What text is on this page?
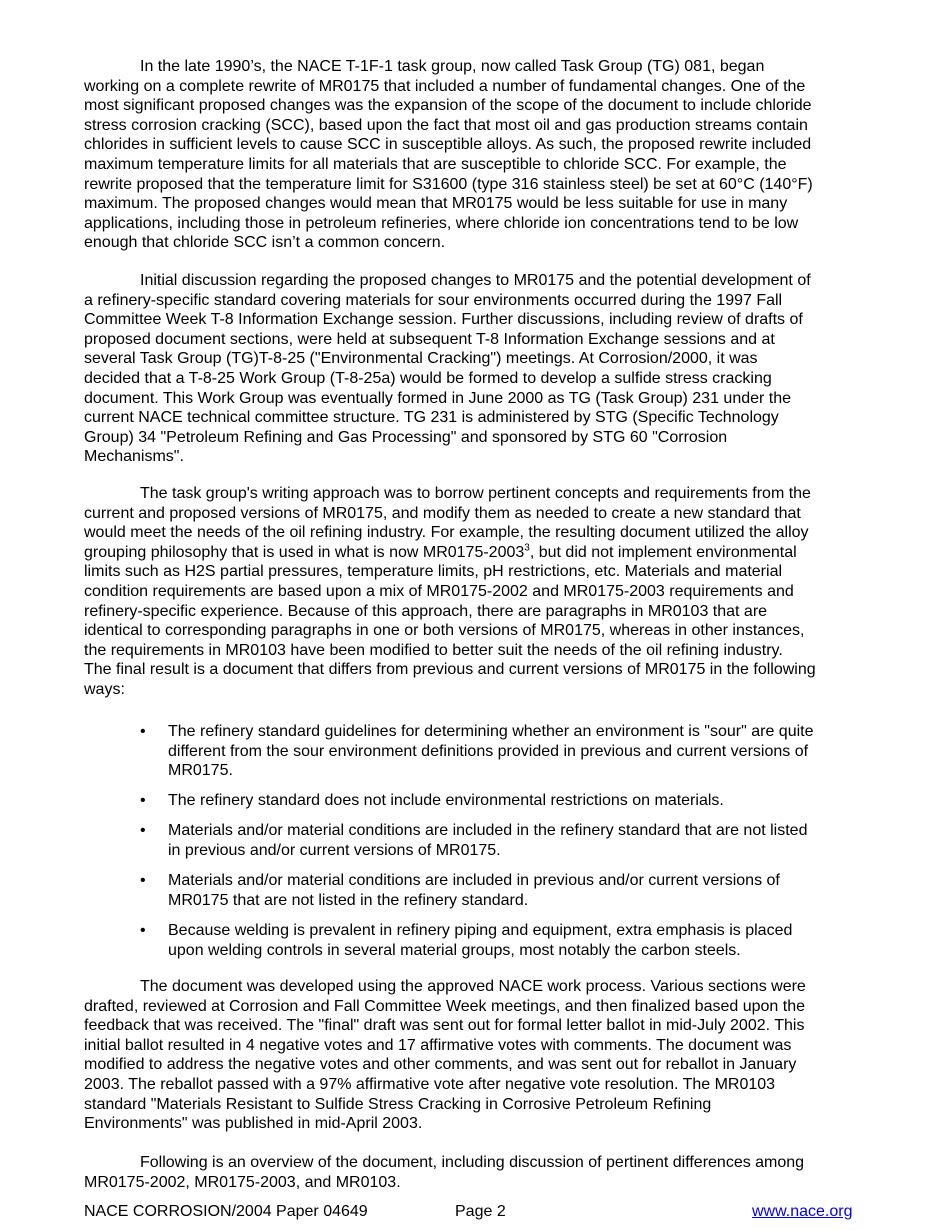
In the late 1990’s, the NACE T-1F-1 task group, now called Task Group (TG) 081, began
working on a complete rewrite of MR0175 that included a number of fundamental changes. One of the
most significant proposed changes was the expansion of the scope of the document to include chloride
stress corrosion cracking (SCC), based upon the fact that most oil and gas production streams contain
chlorides in sufficient levels to cause SCC in susceptible alloys. As such, the proposed rewrite included
maximum temperature limits for all materials that are susceptible to chloride SCC. For example, the
rewrite proposed that the temperature limit for S31600 (type 316 stainless steel) be set at 60°C (140°F)
maximum. The proposed changes would mean that MR0175 would be less suitable for use in many
applications, including those in petroleum refineries, where chloride ion concentrations tend to be low
enough that chloride SCC isn’t a common concern.
Initial discussion regarding the proposed changes to MR0175 and the potential development of
a refinery-specific standard covering materials for sour environments occurred during the 1997 Fall
Committee Week T-8 Information Exchange session. Further discussions, including review of drafts of
proposed document sections, were held at subsequent T-8 Information Exchange sessions and at
several Task Group (TG)T-8-25 ("Environmental Cracking") meetings. At Corrosion/2000, it was
decided that a T-8-25 Work Group (T-8-25a) would be formed to develop a sulfide stress cracking
document. This Work Group was eventually formed in June 2000 as TG (Task Group) 231 under the
current NACE technical committee structure. TG 231 is administered by STG (Specific Technology
Group) 34 "Petroleum Refining and Gas Processing" and sponsored by STG 60 "Corrosion
Mechanisms".
The task group's writing approach was to borrow pertinent concepts and requirements from the
current and proposed versions of MR0175, and modify them as needed to create a new standard that
would meet the needs of the oil refining industry. For example, the resulting document utilized the alloy
grouping philosophy that is used in what is now MR0175-2003$^3$, but did not implement environmental
limits such as H2S partial pressures, temperature limits, pH restrictions, etc. Materials and material
condition requirements are based upon a mix of MR0175-2002 and MR0175-2003 requirements and
refinery-specific experience. Because of this approach, there are paragraphs in MR0103 that are
identical to corresponding paragraphs in one or both versions of MR0175, whereas in other instances,
the requirements in MR0103 have been modified to better suit the needs of the oil refining industry.
The final result is a document that differs from previous and current versions of MR0175 in the following
ways:
• The refinery standard guidelines for determining whether an environment is "sour" are quite
different from the sour environment definitions provided in previous and current versions of
MR0175.
• The refinery standard does not include environmental restrictions on materials.
• Materials and/or material conditions are included in the refinery standard that are not listed
in previous and/or current versions of MR0175.
• Materials and/or material conditions are included in previous and/or current versions of
MR0175 that are not listed in the refinery standard.
• Because welding is prevalent in refinery piping and equipment, extra emphasis is placed
upon welding controls in several material groups, most notably the carbon steels.
The document was developed using the approved NACE work process. Various sections were
drafted, reviewed at Corrosion and Fall Committee Week meetings, and then finalized based upon the
feedback that was received. The "final" draft was sent out for formal letter ballot in mid-July 2002. This
initial ballot resulted in 4 negative votes and 17 affirmative votes with comments. The document was
modified to address the negative votes and other comments, and was sent out for reballot in January
2003. The reballot passed with a 97% affirmative vote after negative vote resolution. The MR0103
standard "Materials Resistant to Sulfide Stress Cracking in Corrosive Petroleum Refining
Environments" was published in mid-April 2003.
Following is an overview of the document, including discussion of pertinent differences among
MR0175-2002, MR0175-2003, and MR0103.
NACE CORROSION/2004 Paper 04649	Page 2	www.nace.org
